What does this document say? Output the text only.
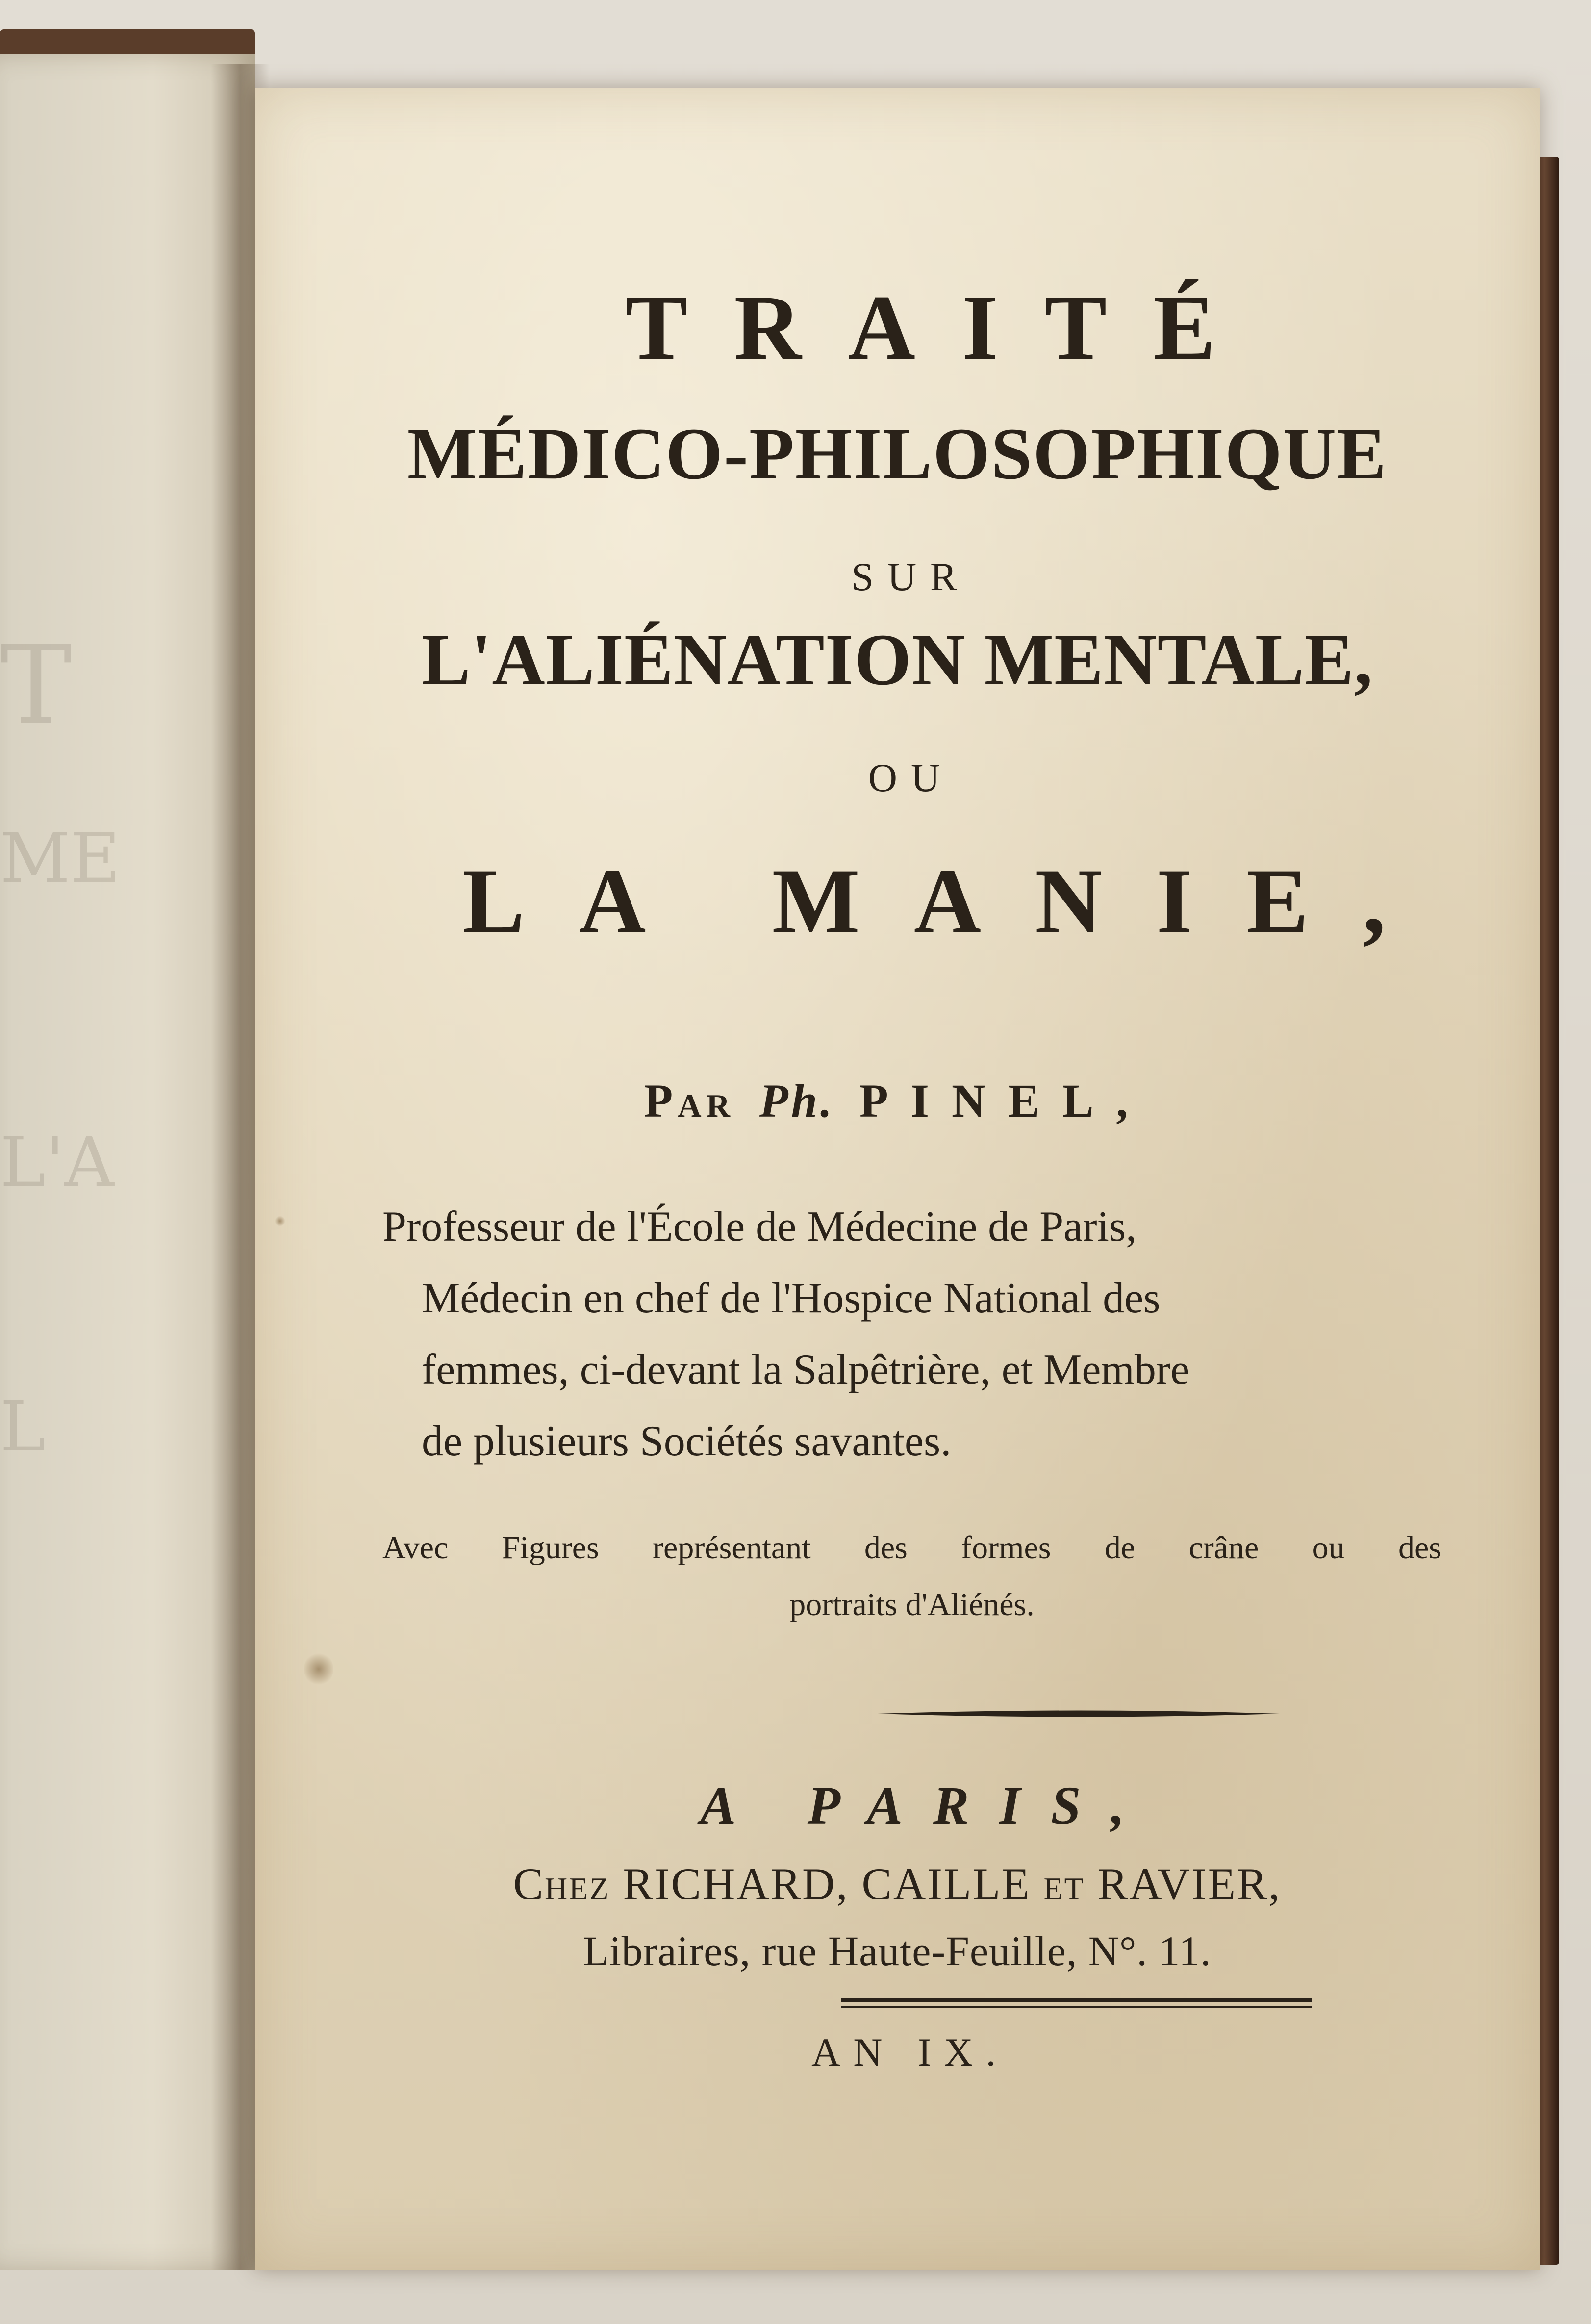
T
ME
L'A
L
TRAITÉ
MÉDICO-PHILOSOPHIQUE
SUR
L'ALIÉNATION MENTALE,
OU
LA MANIE,
Par Ph. PINEL,
Professeur de l'École de Médecine de Paris,
Médecin en chef de l'Hospice National des
femmes, ci-devant la Salpêtrière, et Membre
de plusieurs Sociétés savantes.
Avec Figures représentant des formes de crâne ou des
portraits d'Aliénés.
A PARIS,
Chez RICHARD, CAILLE et RAVIER,
Libraires, rue Haute-Feuille, N°. 11.
AN IX.
